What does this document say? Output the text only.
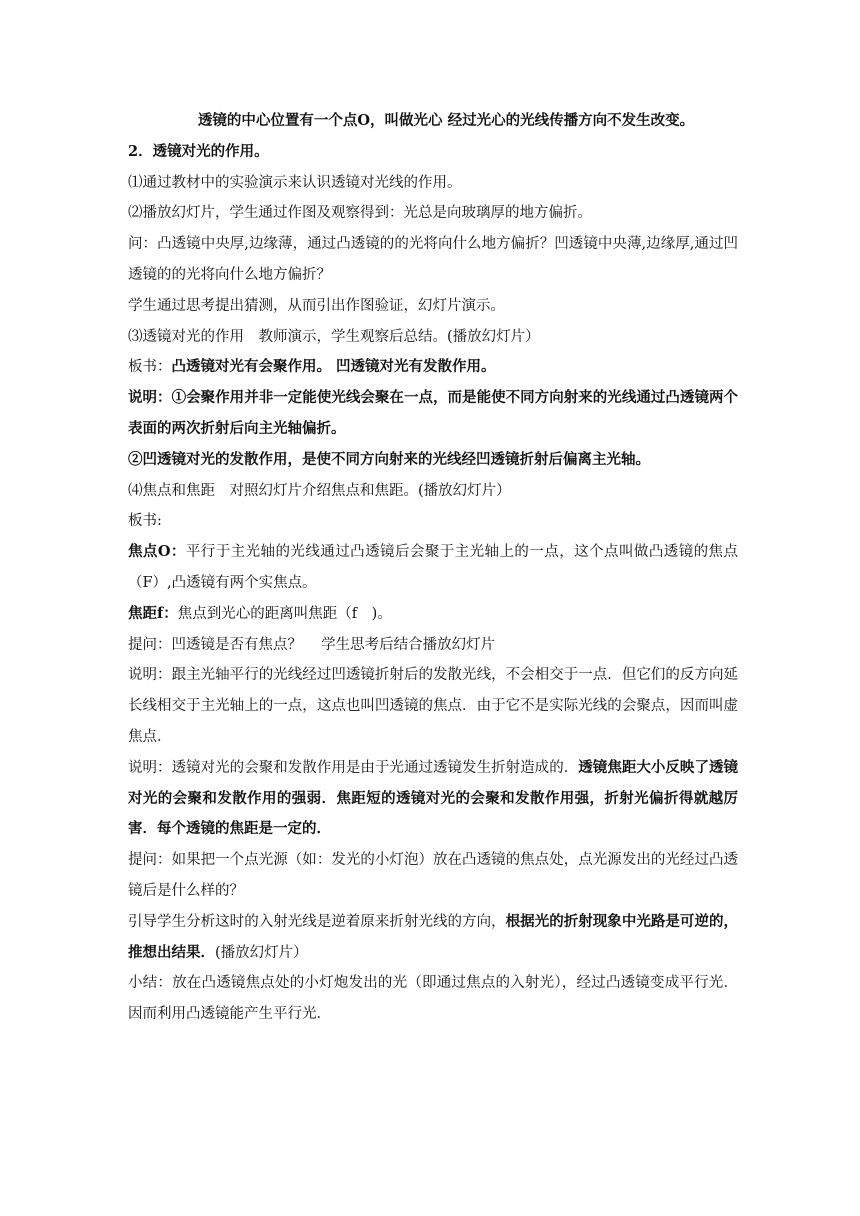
透镜的中心位置有一个点O，叫做光心 经过光心的光线传播方向不发生改变。

2．透镜对光的作用。

⑴通过教材中的实验演示来认识透镜对光线的作用。

⑵播放幻灯片，学生通过作图及观察得到：光总是向玻璃厚的地方偏折。

问：凸透镜中央厚,边缘薄，通过凸透镜的的光将向什么地方偏折？凹透镜中央薄,边缘厚,通过凹透镜的的光将向什么地方偏折？

学生通过思考提出猜测，从而引出作图验证，幻灯片演示。

⑶透镜对光的作用　教师演示，学生观察后总结。(播放幻灯片）

板书：凸透镜对光有会聚作用。 凹透镜对光有发散作用。

说明：①会聚作用并非一定能使光线会聚在一点，而是能使不同方向射来的光线通过凸透镜两个表面的两次折射后向主光轴偏折。

②凹透镜对光的发散作用，是使不同方向射来的光线经凹透镜折射后偏离主光轴。

⑷焦点和焦距　对照幻灯片介绍焦点和焦距。(播放幻灯片）

板书:

焦点O：平行于主光轴的光线通过凸透镜后会聚于主光轴上的一点，这个点叫做凸透镜的焦点（F）,凸透镜有两个实焦点。

焦距f：焦点到光心的距离叫焦距（f　)。

提问：凹透镜是否有焦点？　 学生思考后结合播放幻灯片

说明：跟主光轴平行的光线经过凹透镜折射后的发散光线，不会相交于一点．但它们的反方向延长线相交于主光轴上的一点，这点也叫凹透镜的焦点．由于它不是实际光线的会聚点，因而叫虚焦点．

说明：透镜对光的会聚和发散作用是由于光通过透镜发生折射造成的．透镜焦距大小反映了透镜对光的会聚和发散作用的强弱．焦距短的透镜对光的会聚和发散作用强，折射光偏折得就越厉害．每个透镜的焦距是一定的．

提问：如果把一个点光源（如：发光的小灯泡）放在凸透镜的焦点处，点光源发出的光经过凸透镜后是什么样的？

引导学生分析这时的入射光线是逆着原来折射光线的方向，根据光的折射现象中光路是可逆的，推想出结果．(播放幻灯片）

小结：放在凸透镜焦点处的小灯炮发出的光（即通过焦点的入射光），经过凸透镜变成平行光．因而利用凸透镜能产生平行光．
